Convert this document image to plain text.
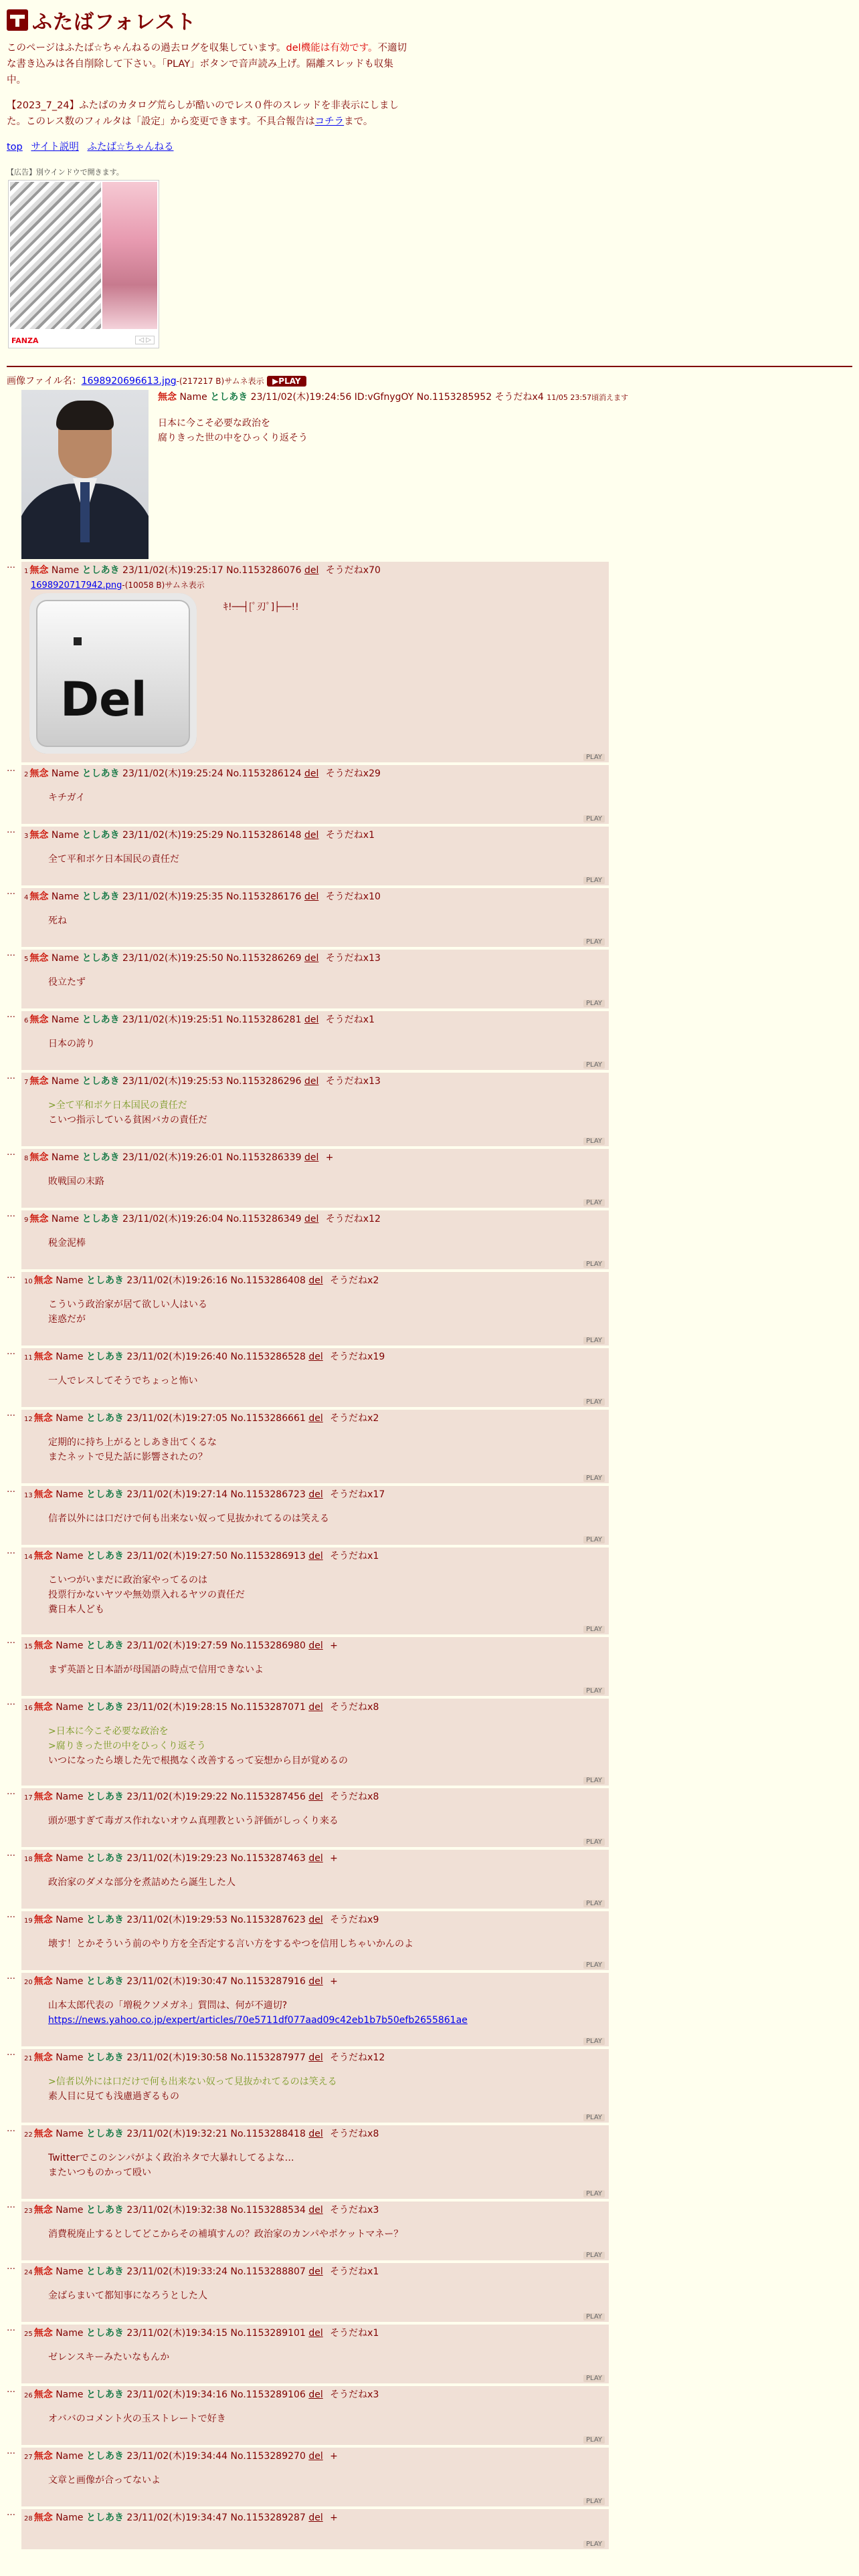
ふたばフォレスト

このページはふたば☆ちゃんねるの過去ログを収集しています。del機能は有効です。不適切な書き込みは各自削除して下さい。「PLAY」ボタンで音声読み上げ。隔離スレッドも収集中。

【2023_7_24】ふたばのカタログ荒らしが酷いのでレス０件のスレッドを非表示にしました。このレス数のフィルタは「設定」から変更できます。不具合報告はコチラまで。

top サイト説明 ふたば☆ちゃんねる
【広告】別ウインドウで開きます。
FANZA	◁ ▷
画像ファイル名：1698920696613.jpg-(217217 B)サムネ表示 ▶PLAY
無念 Name としあき 23/11/02(木)19:24:56 ID:vGfnygOY No.1153285952 そうだねx4 11/05 23:57頃消えます
日本に今こそ必要な政治を
腐りきった世の中をひっくり返そう
…
1 無念 Name としあき 23/11/02(木)19:25:17 No.1153286076 del そうだねx70
1698920717942.png-(10058 B)サムネ表示
Del
ｷ!──┤[ﾟ刃ﾟ]├──!!
PLAY
…
2 無念 Name としあき 23/11/02(木)19:25:24 No.1153286124 del そうだねx29
キチガイ
PLAY
…
3 無念 Name としあき 23/11/02(木)19:25:29 No.1153286148 del そうだねx1
全て平和ボケ日本国民の責任だ
PLAY
…
4 無念 Name としあき 23/11/02(木)19:25:35 No.1153286176 del そうだねx10
死ね
PLAY
…
5 無念 Name としあき 23/11/02(木)19:25:50 No.1153286269 del そうだねx13
役立たず
PLAY
…
6 無念 Name としあき 23/11/02(木)19:25:51 No.1153286281 del そうだねx1
日本の誇り
PLAY
…
7 無念 Name としあき 23/11/02(木)19:25:53 No.1153286296 del そうだねx13
>全て平和ボケ日本国民の責任だ
こいつ指示している貧困バカの責任だ
PLAY
…
8 無念 Name としあき 23/11/02(木)19:26:01 No.1153286339 del +
敗戦国の末路
PLAY
…
9 無念 Name としあき 23/11/02(木)19:26:04 No.1153286349 del そうだねx12
税金泥棒
PLAY
…
10 無念 Name としあき 23/11/02(木)19:26:16 No.1153286408 del そうだねx2
こういう政治家が居て欲しい人はいる
迷惑だが
PLAY
…
11 無念 Name としあき 23/11/02(木)19:26:40 No.1153286528 del そうだねx19
一人でレスしてそうでちょっと怖い
PLAY
…
12 無念 Name としあき 23/11/02(木)19:27:05 No.1153286661 del そうだねx2
定期的に持ち上がるとしあき出てくるな
またネットで見た話に影響されたの？
PLAY
…
13 無念 Name としあき 23/11/02(木)19:27:14 No.1153286723 del そうだねx17
信者以外には口だけで何も出来ない奴って見抜かれてるのは笑える
PLAY
…
14 無念 Name としあき 23/11/02(木)19:27:50 No.1153286913 del そうだねx1
こいつがいまだに政治家やってるのは
投票行かないヤツや無効票入れるヤツの責任だ
糞日本人ども
PLAY
…
15 無念 Name としあき 23/11/02(木)19:27:59 No.1153286980 del +
まず英語と日本語が母国語の時点で信用できないよ
PLAY
…
16 無念 Name としあき 23/11/02(木)19:28:15 No.1153287071 del そうだねx8
>日本に今こそ必要な政治を
>腐りきった世の中をひっくり返そう
いつになったら壊した先で根拠なく改善するって妄想から目が覚めるの
PLAY
…
17 無念 Name としあき 23/11/02(木)19:29:22 No.1153287456 del そうだねx8
頭が悪すぎて毒ガス作れないオウム真理教という評価がしっくり来る
PLAY
…
18 無念 Name としあき 23/11/02(木)19:29:23 No.1153287463 del +
政治家のダメな部分を煮詰めたら誕生した人
PLAY
…
19 無念 Name としあき 23/11/02(木)19:29:53 No.1153287623 del そうだねx9
壊す！とかそういう前のやり方を全否定する言い方をするやつを信用しちゃいかんのよ
PLAY
…
20 無念 Name としあき 23/11/02(木)19:30:47 No.1153287916 del +
山本太郎代表の「増税クソメガネ」質問は、何が不適切?
https://news.yahoo.co.jp/expert/articles/70e5711df077aad09c42eb1b7b50efb2655861ae
PLAY
…
21 無念 Name としあき 23/11/02(木)19:30:58 No.1153287977 del そうだねx12
>信者以外には口だけで何も出来ない奴って見抜かれてるのは笑える
素人目に見ても浅慮過ぎるもの
PLAY
…
22 無念 Name としあき 23/11/02(木)19:32:21 No.1153288418 del そうだねx8
Twitterでこのシンパがよく政治ネタで大暴れしてるよな…
またいつものかって殴い
PLAY
…
23 無念 Name としあき 23/11/02(木)19:32:38 No.1153288534 del そうだねx3
消費税廃止するとしてどこからその補填すんの？政治家のカンパやポケットマネー？
PLAY
…
24 無念 Name としあき 23/11/02(木)19:33:24 No.1153288807 del そうだねx1
金ばらまいて都知事になろうとした人
PLAY
…
25 無念 Name としあき 23/11/02(木)19:34:15 No.1153289101 del そうだねx1
ゼレンスキーみたいなもんか
PLAY
…
26 無念 Name としあき 23/11/02(木)19:34:16 No.1153289106 del そうだねx3
オババのコメント火の玉ストレートで好き
PLAY
…
27 無念 Name としあき 23/11/02(木)19:34:44 No.1153289270 del +
文章と画像が合ってないよ
PLAY
…
28 無念 Name としあき 23/11/02(木)19:34:47 No.1153289287 del +
PLAY
